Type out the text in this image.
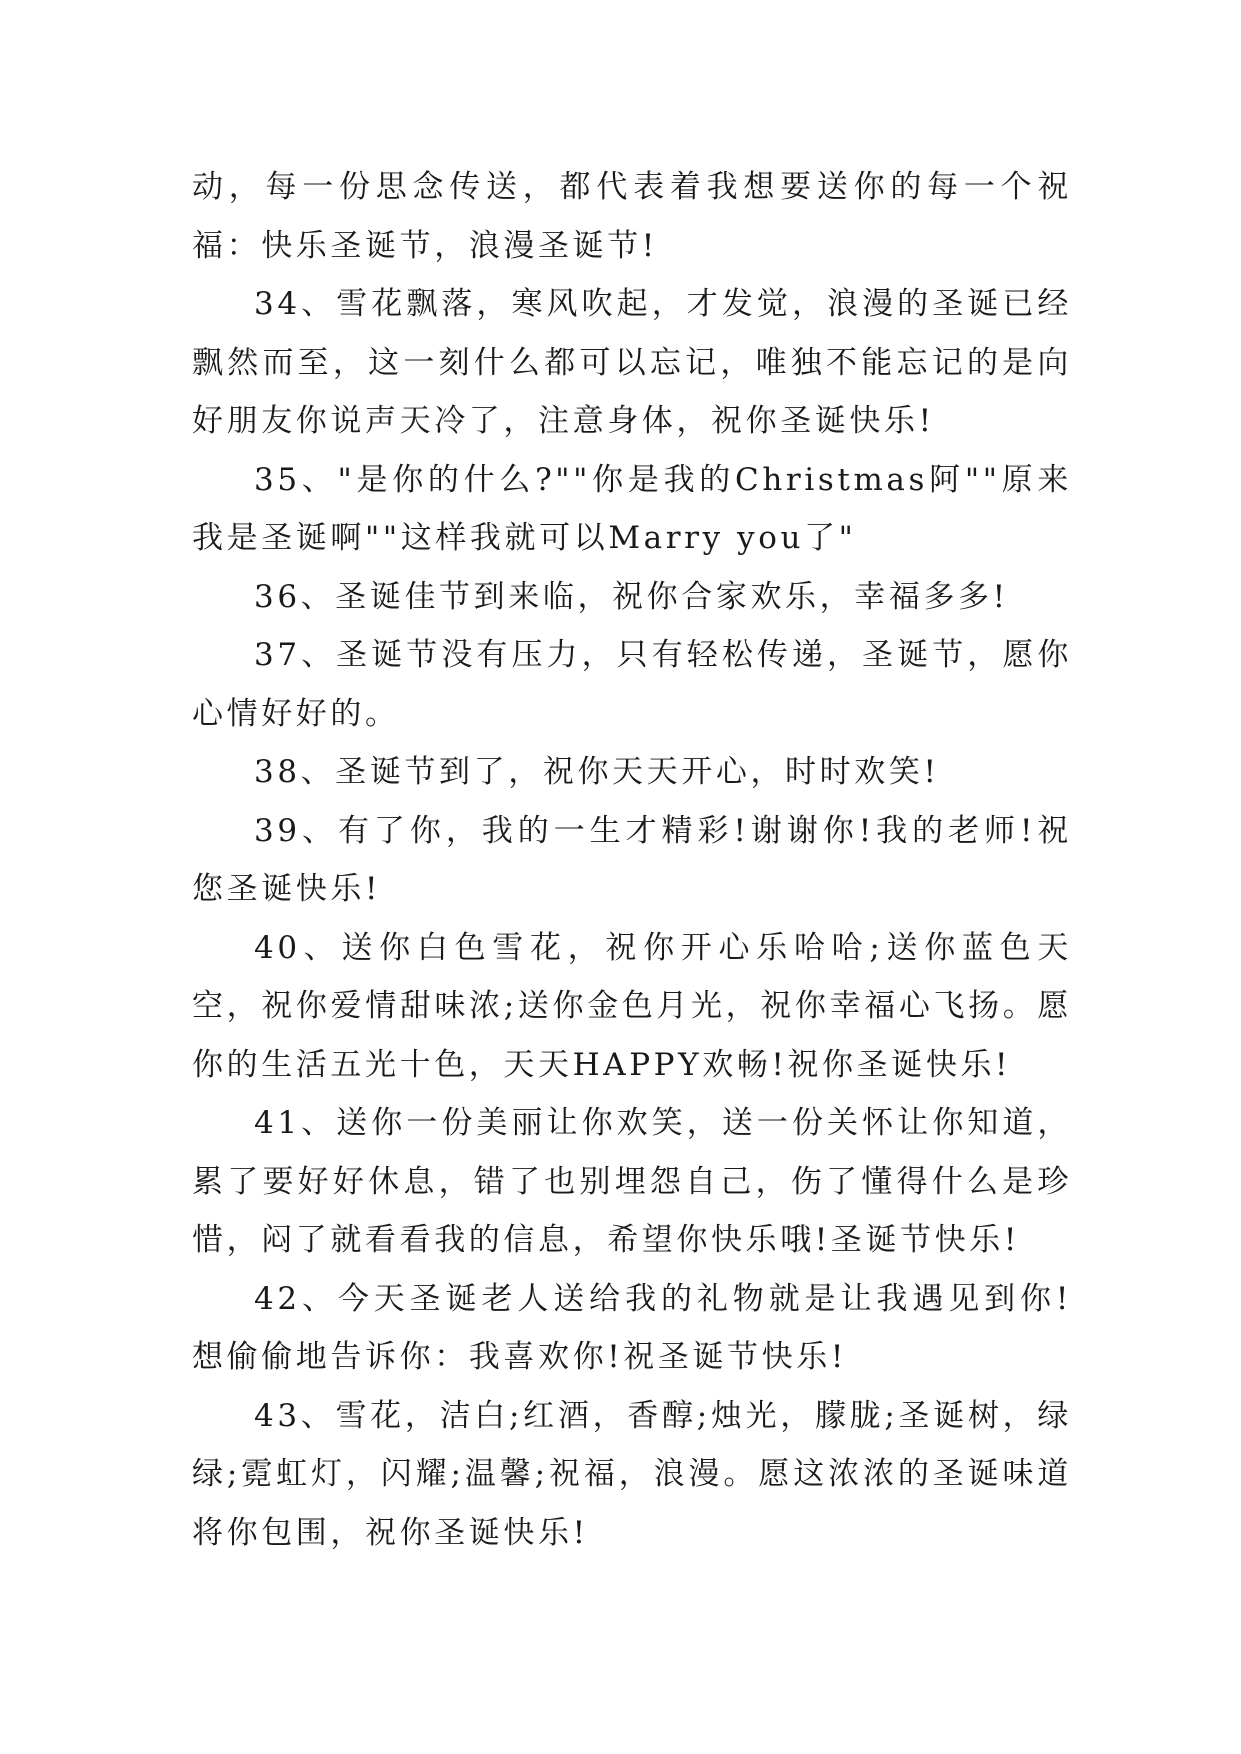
动，每一份思念传送，都代表着我想要送你的每一个祝福：快乐圣诞节，浪漫圣诞节!

34、雪花飘落，寒风吹起，才发觉，浪漫的圣诞已经飘然而至，这一刻什么都可以忘记，唯独不能忘记的是向好朋友你说声天冷了，注意身体，祝你圣诞快乐!

35、"是你的什么?""你是我的Christmas阿""原来我是圣诞啊""这样我就可以Marry you了"

36、圣诞佳节到来临，祝你合家欢乐，幸福多多!

37、圣诞节没有压力，只有轻松传递，圣诞节，愿你心情好好的。

38、圣诞节到了，祝你天天开心，时时欢笑!

39、有了你，我的一生才精彩!谢谢你!我的老师!祝您圣诞快乐!

40、送你白色雪花，祝你开心乐哈哈;送你蓝色天空，祝你爱情甜味浓;送你金色月光，祝你幸福心飞扬。愿你的生活五光十色，天天HAPPY欢畅!祝你圣诞快乐!

41、送你一份美丽让你欢笑，送一份关怀让你知道，累了要好好休息，错了也别埋怨自己，伤了懂得什么是珍惜，闷了就看看我的信息，希望你快乐哦!圣诞节快乐!

42、今天圣诞老人送给我的礼物就是让我遇见到你!想偷偷地告诉你：我喜欢你!祝圣诞节快乐!

43、雪花，洁白;红酒，香醇;烛光，朦胧;圣诞树，绿绿;霓虹灯，闪耀;温馨;祝福，浪漫。愿这浓浓的圣诞味道将你包围，祝你圣诞快乐!
